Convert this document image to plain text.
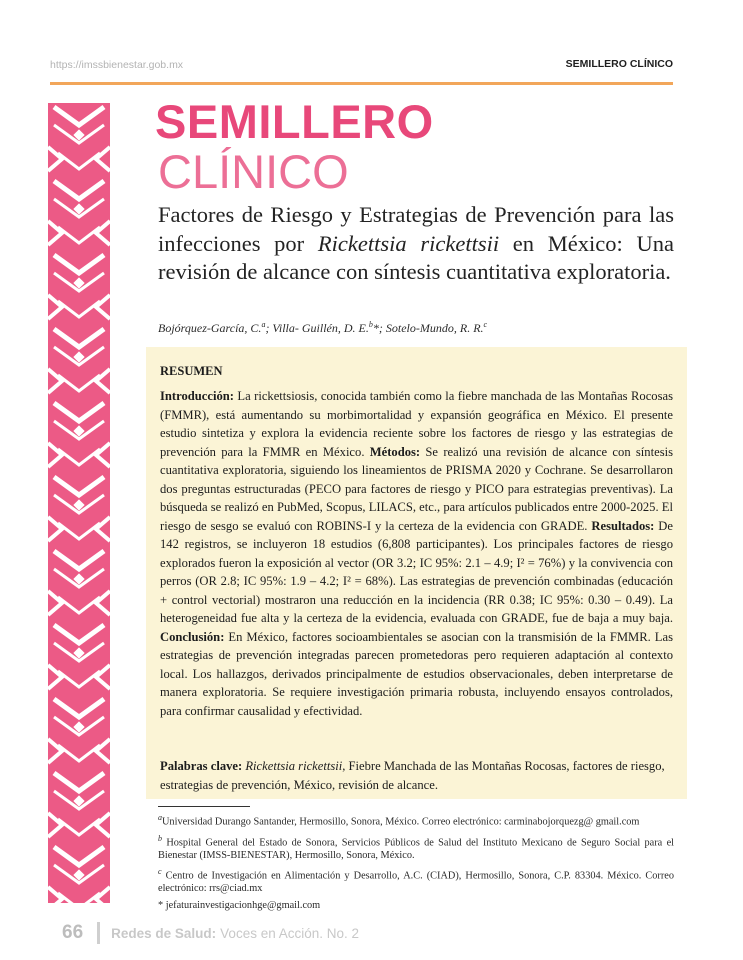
https://imssbienestar.gob.mx	SEMILLERO CLÍNICO
SEMILLERO
CLÍNICO
Factores de Riesgo y Estrategias de Prevención para las infecciones por Rickettsia rickettsii en México: Una revisión de alcance con síntesis cuantitativa exploratoria.
Bojórquez-García, C.$^a$; Villa- Guillén, D. E.$^b$*; Sotelo-Mundo, R. R.$^c$
RESUMEN

Introducción: La rickettsiosis, conocida también como la fiebre manchada de las Montañas Rocosas (FMMR), está aumentando su morbimortalidad y expansión geográfica en México. El presente estudio sintetiza y explora la evidencia reciente sobre los factores de riesgo y las estrategias de prevención para la FMMR en México. Métodos: Se realizó una revisión de alcance con síntesis cuantitativa exploratoria, siguiendo los lineamientos de PRISMA 2020 y Cochrane. Se desarrollaron dos preguntas estructuradas (PECO para factores de riesgo y PICO para estrategias preventivas). La búsqueda se realizó en PubMed, Scopus, LILACS, etc., para artículos publicados entre 2000-2025. El riesgo de sesgo se evaluó con ROBINS-I y la certeza de la evidencia con GRADE. Resultados: De 142 registros, se incluyeron 18 estudios (6,808 participantes). Los principales factores de riesgo explorados fueron la exposición al vector (OR 3.2; IC 95%: 2.1 – 4.9; I² = 76%) y la convivencia con perros (OR 2.8; IC 95%: 1.9 – 4.2; I² = 68%). Las estrategias de prevención combinadas (educación + control vectorial) mostraron una reducción en la incidencia (RR 0.38; IC 95%: 0.30 – 0.49). La heterogeneidad fue alta y la certeza de la evidencia, evaluada con GRADE, fue de baja a muy baja. Conclusión: En México, factores socioambientales se asocian con la transmisión de la FMMR. Las estrategias de prevención integradas parecen prometedoras pero requieren adaptación al contexto local. Los hallazgos, derivados principalmente de estudios observacionales, deben interpretarse de manera exploratoria. Se requiere investigación primaria robusta, incluyendo ensayos controlados, para confirmar causalidad y efectividad.

Palabras clave: Rickettsia rickettsii, Fiebre Manchada de las Montañas Rocosas, factores de riesgo, estrategias de prevención, México, revisión de alcance.

$^a$Universidad Durango Santander, Hermosillo, Sonora, México. Correo electrónico: carminabojorquezg@ gmail.com

$^b$ Hospital General del Estado de Sonora, Servicios Públicos de Salud del Instituto Mexicano de Seguro Social para el Bienestar (IMSS-BIENESTAR), Hermosillo, Sonora, México.

$^c$ Centro de Investigación en Alimentación y Desarrollo, A.C. (CIAD), Hermosillo, Sonora, C.P. 83304. México. Correo electrónico: rrs@ciad.mx

* jefaturainvestigacionhge@gmail.com

66 Redes de Salud: Voces en Acción. No. 2
